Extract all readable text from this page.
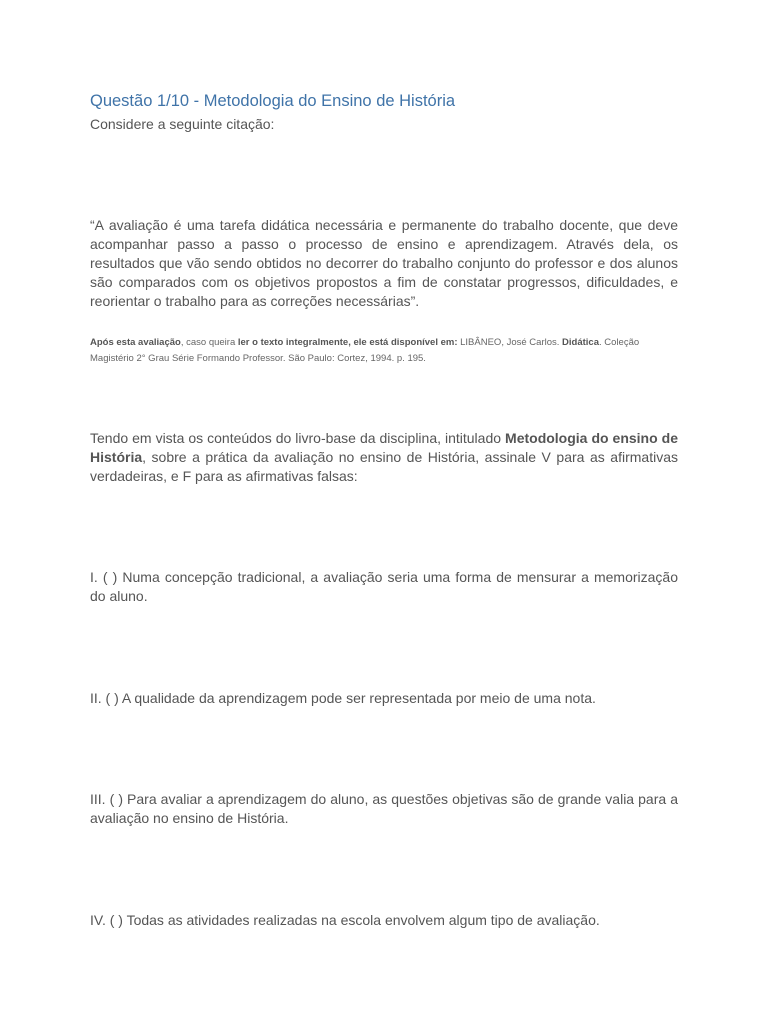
Questão 1/10 - Metodologia do Ensino de História
Considere a seguinte citação:

“A avaliação é uma tarefa didática necessária e permanente do trabalho docente, que deve acompanhar passo a passo o processo de ensino e aprendizagem. Através dela, os resultados que vão sendo obtidos no decorrer do trabalho conjunto do professor e dos alunos são comparados com os objetivos propostos a fim de constatar progressos, dificuldades, e reorientar o trabalho para as correções necessárias”.

Após esta avaliação, caso queira ler o texto integralmente, ele está disponível em: LIBÂNEO, José Carlos. Didática. Coleção Magistério 2° Grau Série Formando Professor. São Paulo: Cortez, 1994. p. 195.

Tendo em vista os conteúdos do livro-base da disciplina, intitulado Metodologia do ensino de História, sobre a prática da avaliação no ensino de História, assinale V para as afirmativas verdadeiras, e F para as afirmativas falsas:

I. ( ) Numa concepção tradicional, a avaliação seria uma forma de mensurar a memorização do aluno.

II. ( ) A qualidade da aprendizagem pode ser representada por meio de uma nota.

III. ( ) Para avaliar a aprendizagem do aluno, as questões objetivas são de grande valia para a avaliação no ensino de História.

IV. ( ) Todas as atividades realizadas na escola envolvem algum tipo de avaliação.
